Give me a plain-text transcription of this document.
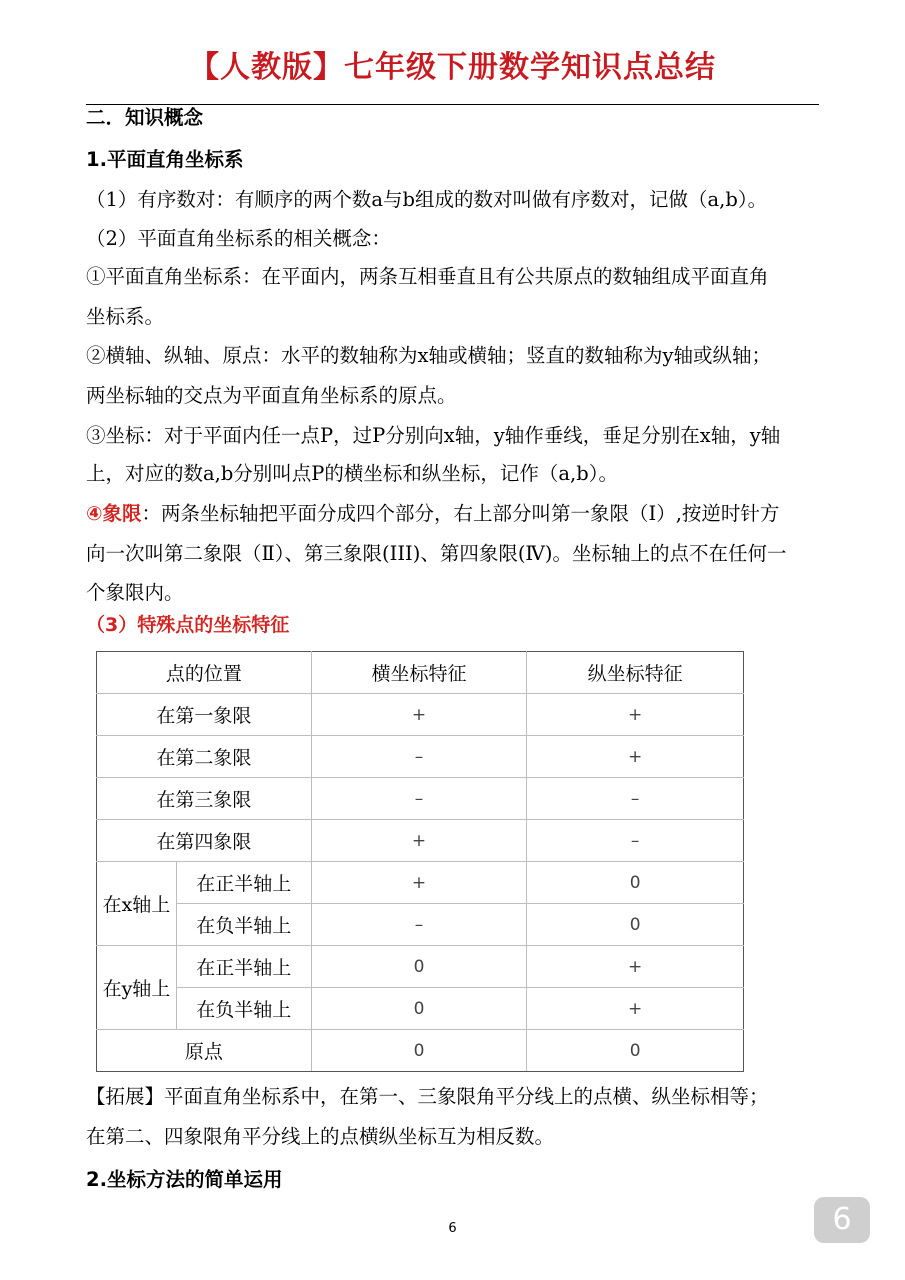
【人教版】七年级下册数学知识点总结
二．知识概念
1.平面直角坐标系
（1）有序数对：有顺序的两个数a与b组成的数对叫做有序数对，记做（a,b）。
（2）平面直角坐标系的相关概念：
①平面直角坐标系：在平面内，两条互相垂直且有公共原点的数轴组成平面直角
坐标系。
②横轴、纵轴、原点：水平的数轴称为x轴或横轴；竖直的数轴称为y轴或纵轴；
两坐标轴的交点为平面直角坐标系的原点。
③坐标：对于平面内任一点P，过P分别向x轴，y轴作垂线，垂足分别在x轴，y轴
上，对应的数a,b分别叫点P的横坐标和纵坐标，记作（a,b）。
④象限：两条坐标轴把平面分成四个部分，右上部分叫第一象限（Ⅰ）,按逆时针方
向一次叫第二象限（Ⅱ）、第三象限(III)、第四象限(Ⅳ)。坐标轴上的点不在任何一
个象限内。
（3）特殊点的坐标特征
点的位置		横坐标特征	纵坐标特征
在第一象限		+	+
在第二象限		–	+
在第三象限		–	–
在第四象限		+	–
在x轴上	在正半轴上	+	0
	在负半轴上	–	0
在y轴上	在正半轴上	0	+
	在负半轴上	0	+
原点		0	0
【拓展】平面直角坐标系中，在第一、三象限角平分线上的点横、纵坐标相等；
在第二、四象限角平分线上的点横纵坐标互为相反数。
2.坐标方法的简单运用
6	6
